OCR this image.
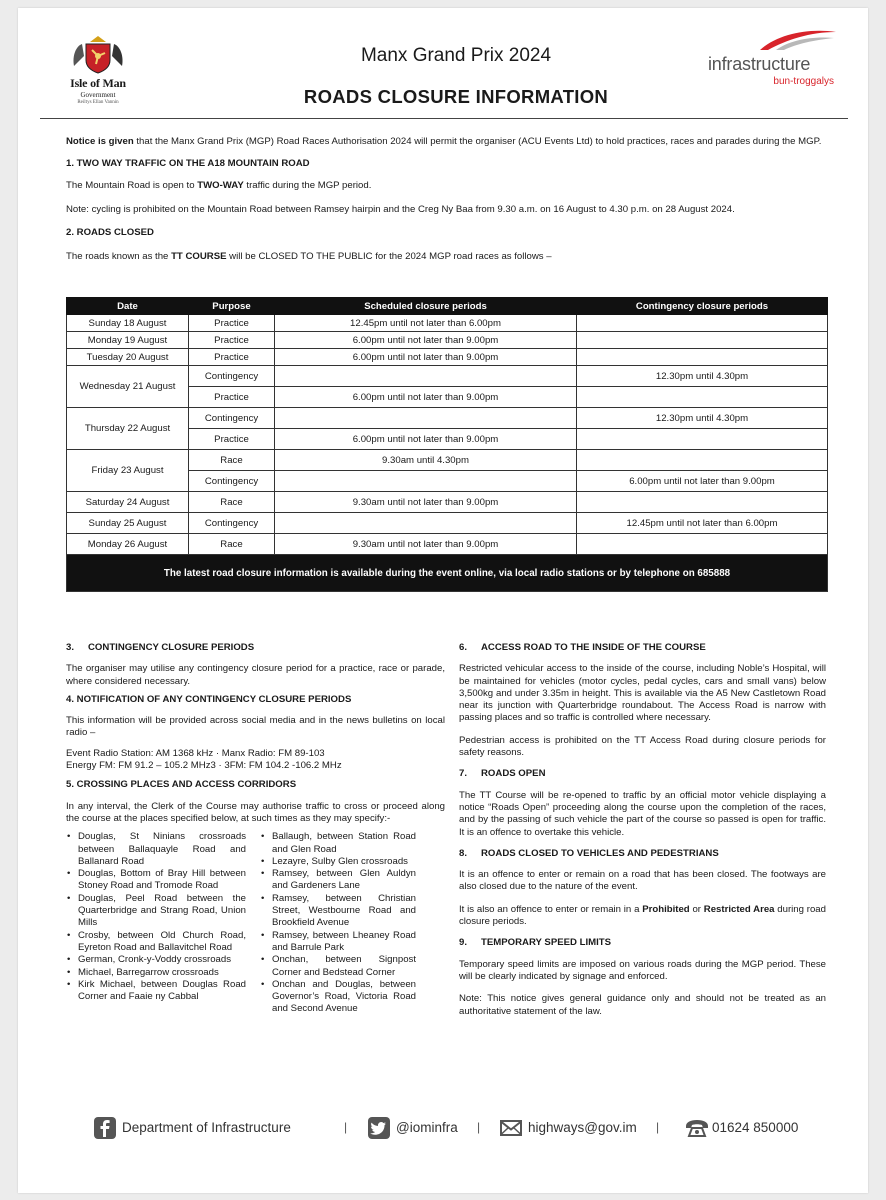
Isle of Man
Government
Reiltys Ellan Vannin
Manx Grand Prix 2024
ROADS CLOSURE INFORMATION
infrastructure
bun-troggalys

Notice is given that the Manx Grand Prix (MGP) Road Races Authorisation 2024 will permit the organiser (ACU Events Ltd) to hold practices, races and parades during the MGP.

1. TWO WAY TRAFFIC ON THE A18 MOUNTAIN ROAD

The Mountain Road is open to TWO-WAY traffic during the MGP period.

Note: cycling is prohibited on the Mountain Road between Ramsey hairpin and the Creg Ny Baa from 9.30 a.m. on 16 August to 4.30 p.m. on 28 August 2024.

2. ROADS CLOSED

The roads known as the TT COURSE will be CLOSED TO THE PUBLIC for the 2024 MGP road races as follows –

Date	Purpose	Scheduled closure periods	Contingency closure periods
Sunday 18 August	Practice	12.45pm until not later than 6.00pm	
Monday 19 August	Practice	6.00pm until not later than 9.00pm	
Tuesday 20 August	Practice	6.00pm until not later than 9.00pm	
Wednesday 21 August	Contingency		12.30pm until 4.30pm
	Practice	6.00pm until not later than 9.00pm	
Thursday 22 August	Contingency		12.30pm until 4.30pm
	Practice	6.00pm until not later than 9.00pm	
Friday 23 August	Race	9.30am until 4.30pm	
	Contingency		6.00pm until not later than 9.00pm
Saturday 24 August	Race	9.30am until not later than 9.00pm	
Sunday 25 August	Contingency		12.45pm until not later than 6.00pm
Monday 26 August	Race	9.30am until not later than 9.00pm	
The latest road closure information is available during the event online, via local radio stations or by telephone on 685888			

3. CONTINGENCY CLOSURE PERIODS

The organiser may utilise any contingency closure period for a practice, race or parade, where considered necessary.

4. NOTIFICATION OF ANY CONTINGENCY CLOSURE PERIODS

This information will be provided across social media and in the news bulletins on local radio –

Event Radio Station: AM 1368 kHz · Manx Radio: FM 89-103

Energy FM: FM 91.2 – 105.2 MHz3 · 3FM: FM 104.2 -106.2 MHz

5. CROSSING PLACES AND ACCESS CORRIDORS

In any interval, the Clerk of the Course may authorise traffic to cross or proceed along the course at the places specified below, at such times as they may specify:-

• Douglas, St Ninians crossroads between Ballaquayle Road and Ballanard Road
• Douglas, Bottom of Bray Hill between Stoney Road and Tromode Road
• Douglas, Peel Road between the Quarterbridge and Strang Road, Union Mills
• Crosby, between Old Church Road, Eyreton Road and Ballavitchel Road
• German, Cronk-y-Voddy crossroads
• Michael, Barregarrow crossroads
• Kirk Michael, between Douglas Road Corner and Faaie ny Cabbal
• Ballaugh, between Station Road and Glen Road
• Lezayre, Sulby Glen crossroads
• Ramsey, between Glen Auldyn and Gardeners Lane
• Ramsey, between Christian Street, Westbourne Road and Brookfield Avenue
• Ramsey, between Lheaney Road and Barrule Park
• Onchan, between Signpost Corner and Bedstead Corner
• Onchan and Douglas, between Governor’s Road, Victoria Road and Second Avenue

6. ACCESS ROAD TO THE INSIDE OF THE COURSE

Restricted vehicular access to the inside of the course, including Noble’s Hospital, will be maintained for vehicles (motor cycles, pedal cycles, cars and small vans) below 3,500kg and under 3.35m in height. This is available via the A5 New Castletown Road near its junction with Quarterbridge roundabout. The Access Road is narrow with passing places and so traffic is controlled where necessary.

Pedestrian access is prohibited on the TT Access Road during closure periods for safety reasons.

7. ROADS OPEN

The TT Course will be re-opened to traffic by an official motor vehicle displaying a notice “Roads Open” proceeding along the course upon the completion of the races, and by the passing of such vehicle the part of the course so passed is open for traffic. It is an offence to overtake this vehicle.

8. ROADS CLOSED TO VEHICLES AND PEDESTRIANS

It is an offence to enter or remain on a road that has been closed. The footways are also closed due to the nature of the event.

It is also an offence to enter or remain in a Prohibited or Restricted Area during road closure periods.

9. TEMPORARY SPEED LIMITS

Temporary speed limits are imposed on various roads during the MGP period. These will be clearly indicated by signage and enforced.

Note: This notice gives general guidance only and should not be treated as an authoritative statement of the law.

Department of Infrastructure	|	@iominfra |	highways@gov.im |	01624 850000
